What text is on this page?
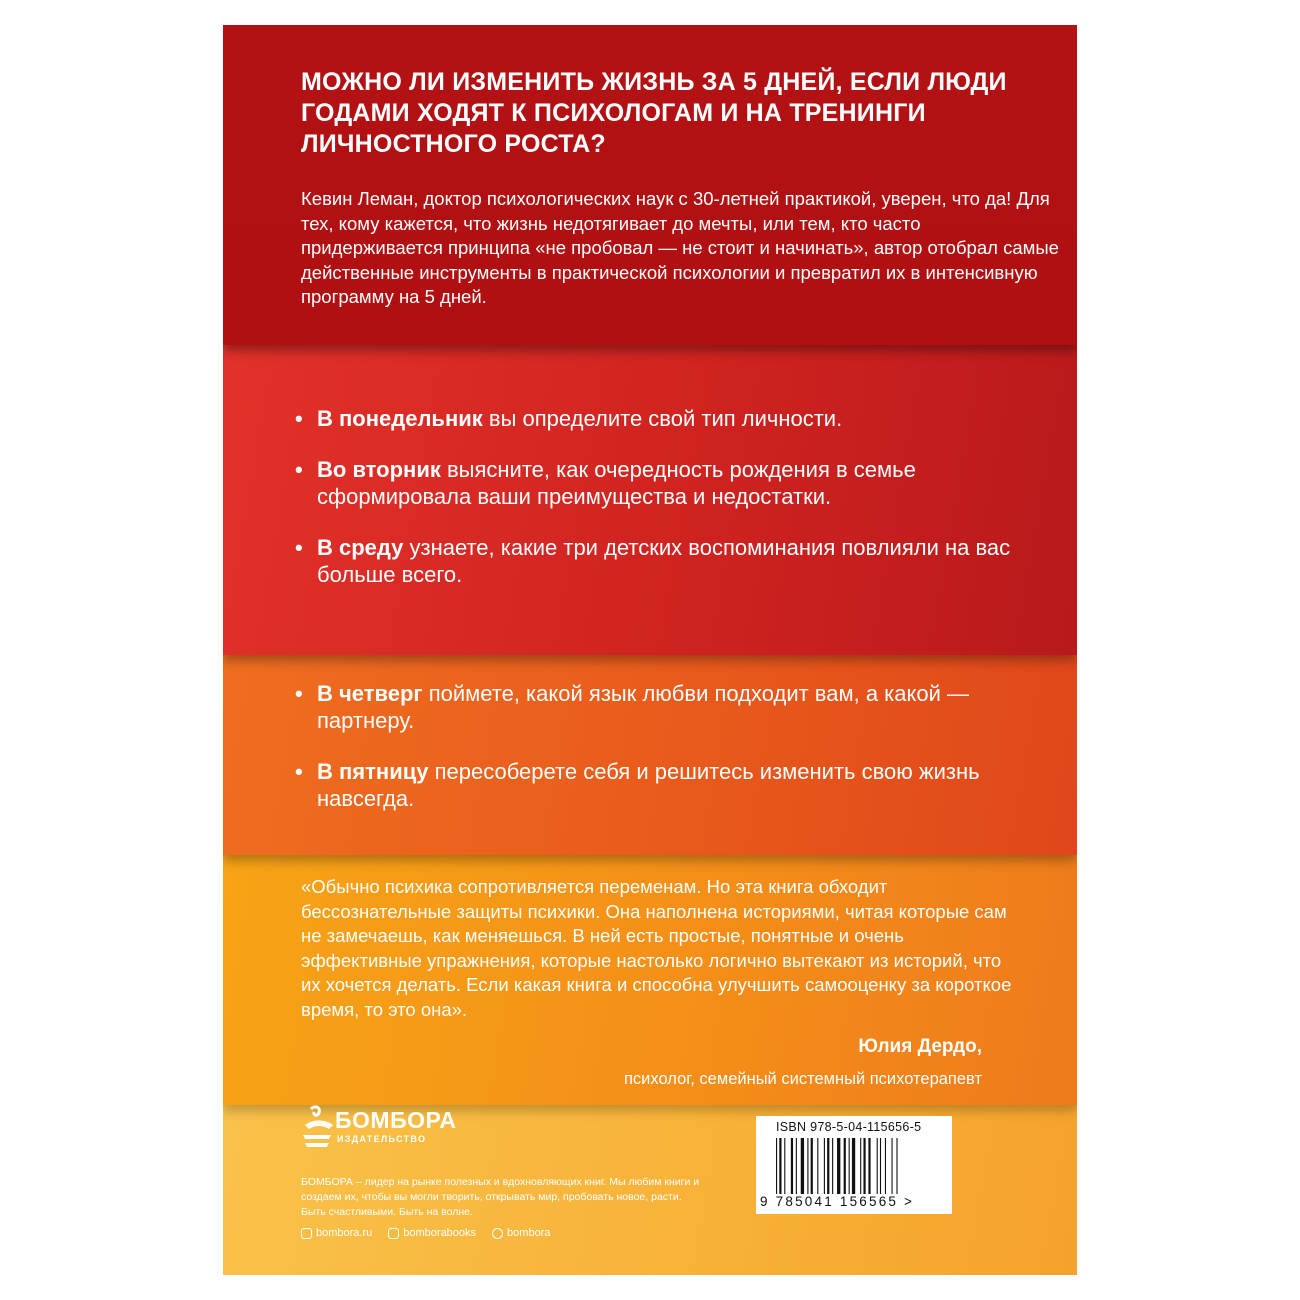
МОЖНО ЛИ ИЗМЕНИТЬ ЖИЗНЬ ЗА 5 ДНЕЙ, ЕСЛИ ЛЮДИ ГОДАМИ ХОДЯТ К ПСИХОЛОГАМ И НА ТРЕНИНГИ ЛИЧНОСТНОГО РОСТА?
Кевин Леман, доктор психологических наук с 30-летней практикой, уверен, что да! Для тех, кому кажется, что жизнь недотягивает до мечты, или тем, кто часто придерживается принципа «не пробовал — не стоит и начинать», автор отобрал самые действенные инструменты в практической психологии и превратил их в интенсивную программу на 5 дней.
• В понедельник вы определите свой тип личности.
• Во вторник выясните, как очередность рождения в семье сформировала ваши преимущества и недостатки.
• В среду узнаете, какие три детских воспоминания повлияли на вас больше всего.
• В четверг поймете, какой язык любви подходит вам, а какой — партнеру.
• В пятницу пересоберете себя и решитесь изменить свою жизнь навсегда.
«Обычно психика сопротивляется переменам. Но эта книга обходит бессознательные защиты психики. Она наполнена историями, читая которые сам не замечаешь, как меняешься. В ней есть простые, понятные и очень эффективные упражнения, которые настолько логично вытекают из историй, что их хочется делать. Если какая книга и способна улучшить самооценку за короткое время, то это она».
Юлия Дердо,
психолог, семейный системный психотерапевт
БОМБОРА
ИЗДАТЕЛЬСТВО
БОМБОРА – лидер на рынке полезных и вдохновляющих книг. Мы любим книги и создаем их, чтобы вы могли творить, открывать мир, пробовать новое, расти. Быть счастливыми. Быть на волне.
bombora.ru	bomborabooks	bombora
ISBN 978-5-04-115656-5
9 785041 156565 >
